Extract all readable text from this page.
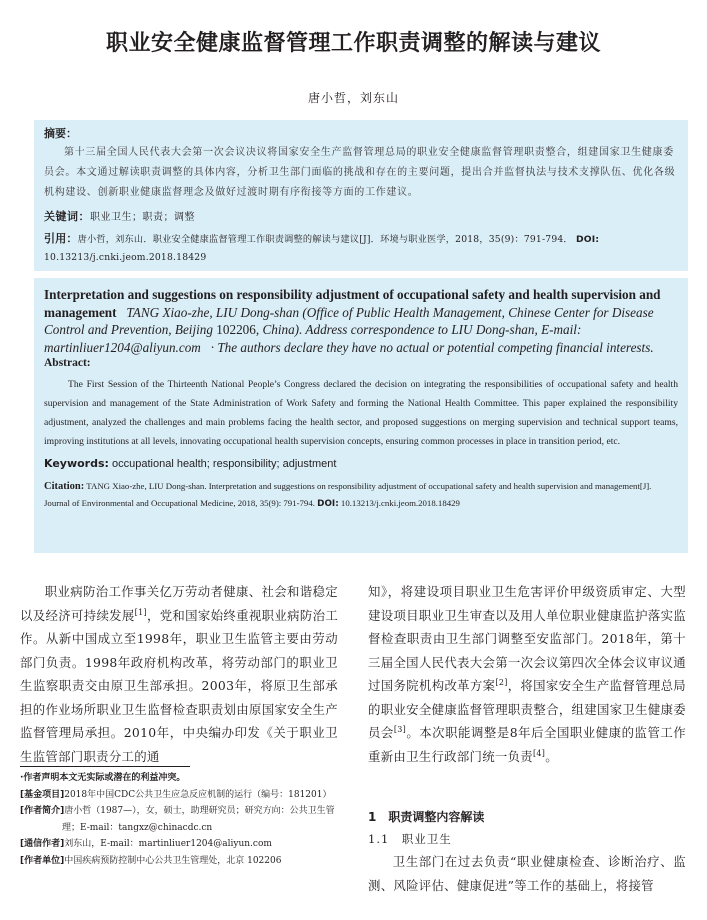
职业安全健康监督管理工作职责调整的解读与建议
唐小哲，刘东山
摘要：
第十三届全国人民代表大会第一次会议决议将国家安全生产监督管理总局的职业安全健康监督管理职责整合，组建国家卫生健康委员会。本文通过解读职责调整的具体内容，分析卫生部门面临的挑战和存在的主要问题，提出合并监督执法与技术支撑队伍、优化各级机构建设、创新职业健康监督理念及做好过渡时期有序衔接等方面的工作建议。
关键词：职业卫生；职责；调整
引用：唐小哲，刘东山．职业安全健康监督管理工作职责调整的解读与建议[J]．环境与职业医学，2018，35(9)：791-794． DOI: 10.13213/j.cnki.jeom.2018.18429
Interpretation and suggestions on responsibility adjustment of occupational safety and health supervision and management TANG Xiao-zhe, LIU Dong-shan (Office of Public Health Management, Chinese Center for Disease Control and Prevention, Beijing 102206, China). Address correspondence to LIU Dong-shan, E-mail: martinliuer1204@aliyun.com · The authors declare they have no actual or potential competing financial interests.
Abstract:
The First Session of the Thirteenth National People’s Congress declared the decision on integrating the responsibilities of occupational safety and health supervision and management of the State Administration of Work Safety and forming the National Health Committee. This paper explained the responsibility adjustment, analyzed the challenges and main problems facing the health sector, and proposed suggestions on merging supervision and technical support teams, improving institutions at all levels, innovating occupational health supervision concepts, ensuring common processes in place in transition period, etc.
Keywords: occupational health; responsibility; adjustment
Citation: TANG Xiao-zhe, LIU Dong-shan. Interpretation and suggestions on responsibility adjustment of occupational safety and health supervision and management[J]. Journal of Environmental and Occupational Medicine, 2018, 35(9): 791-794. DOI: 10.13213/j.cnki.jeom.2018.18429

职业病防治工作事关亿万劳动者健康、社会和谐稳定以及经济可持续发展[1]，党和国家始终重视职业病防治工作。从新中国成立至1998年，职业卫生监管主要由劳动部门负责。1998年政府机构改革，将劳动部门的职业卫生监察职责交由原卫生部承担。2003年，将原卫生部承担的作业场所职业卫生监督检查职责划由原国家安全生产监督管理局承担。2010年，中央编办印发《关于职业卫生监管部门职责分工的通

知》，将建设项目职业卫生危害评价甲级资质审定、大型建设项目职业卫生审查以及用人单位职业健康监护落实监督检查职责由卫生部门调整至安监部门。2018年，第十三届全国人民代表大会第一次会议第四次全体会议审议通过国务院机构改革方案[2]，将国家安全生产监督管理总局的职业安全健康监督管理职责整合，组建国家卫生健康委员会[3]。本次职能调整是8年后全国职业健康的监管工作重新由卫生行政部门统一负责[4]。

·作者声明本文无实际或潜在的利益冲突。
[基金项目]2018年中国CDC公共卫生应急反应机制的运行（编号：181201）
[作者简介]唐小哲（1987—），女，硕士，助理研究员；研究方向：公共卫生管理；E-mail：tangxz@chinacdc.cn
[通信作者]刘东山，E-mail：martinliuer1204@aliyun.com
[作者单位]中国疾病预防控制中心公共卫生管理处，北京 102206
1　职责调整内容解读
1.1　职业卫生

卫生部门在过去负责“职业健康检查、诊断治疗、监测、风险评估、健康促进”等工作的基础上，将接管
